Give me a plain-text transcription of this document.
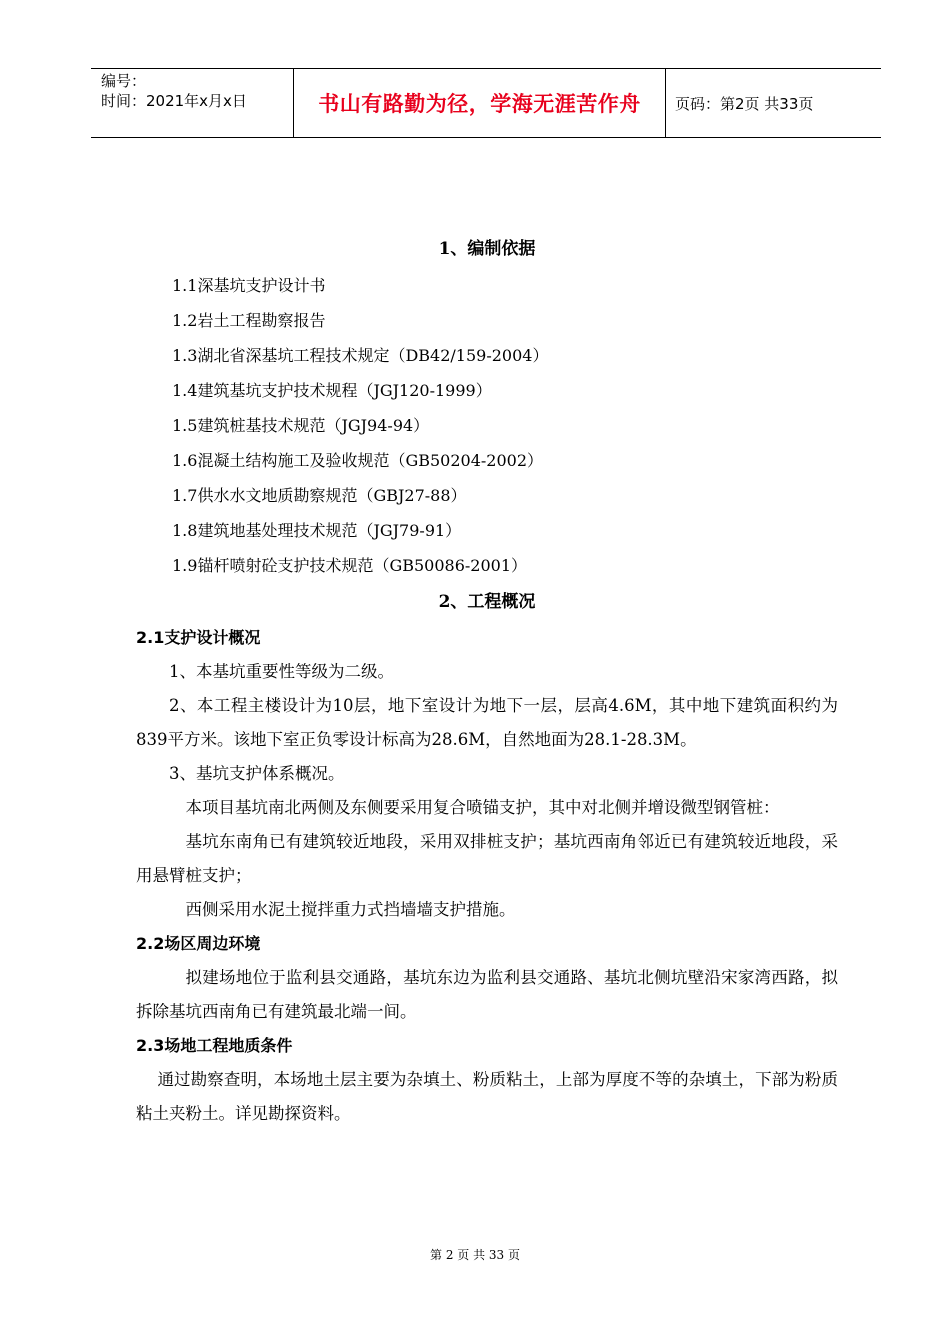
编号：
时间：2021年x月x日	书山有路勤为径，学海无涯苦作舟	页码：第2页 共33页
1、编制依据
1.1深基坑支护设计书
1.2岩土工程勘察报告
1.3湖北省深基坑工程技术规定（DB42/159-2004）
1.4建筑基坑支护技术规程（JGJ120-1999）
1.5建筑桩基技术规范（JGJ94-94）
1.6混凝土结构施工及验收规范（GB50204-2002）
1.7供水水文地质勘察规范（GBJ27-88）
1.8建筑地基处理技术规范（JGJ79-91）
1.9锚杆喷射砼支护技术规范（GB50086-2001）
2、工程概况
2.1支护设计概况

1、本基坑重要性等级为二级。

2、本工程主楼设计为10层，地下室设计为地下一层，层高4.6M，其中地下建筑面积约为839平方米。该地下室正负零设计标高为28.6M，自然地面为28.1-28.3M。

3、基坑支护体系概况。

本项目基坑南北两侧及东侧要采用复合喷锚支护，其中对北侧并增设微型钢管桩：

基坑东南角已有建筑较近地段，采用双排桩支护；基坑西南角邻近已有建筑较近地段，采用悬臂桩支护；

西侧采用水泥土搅拌重力式挡墙墙支护措施。

2.2场区周边环境

拟建场地位于监利县交通路，基坑东边为监利县交通路、基坑北侧坑壁沿宋家湾西路，拟拆除基坑西南角已有建筑最北端一间。

2.3场地工程地质条件

通过勘察查明，本场地土层主要为杂填土、粉质粘土，上部为厚度不等的杂填土，下部为粉质粘土夹粉土。详见勘探资料。

第 2 页 共 33 页
